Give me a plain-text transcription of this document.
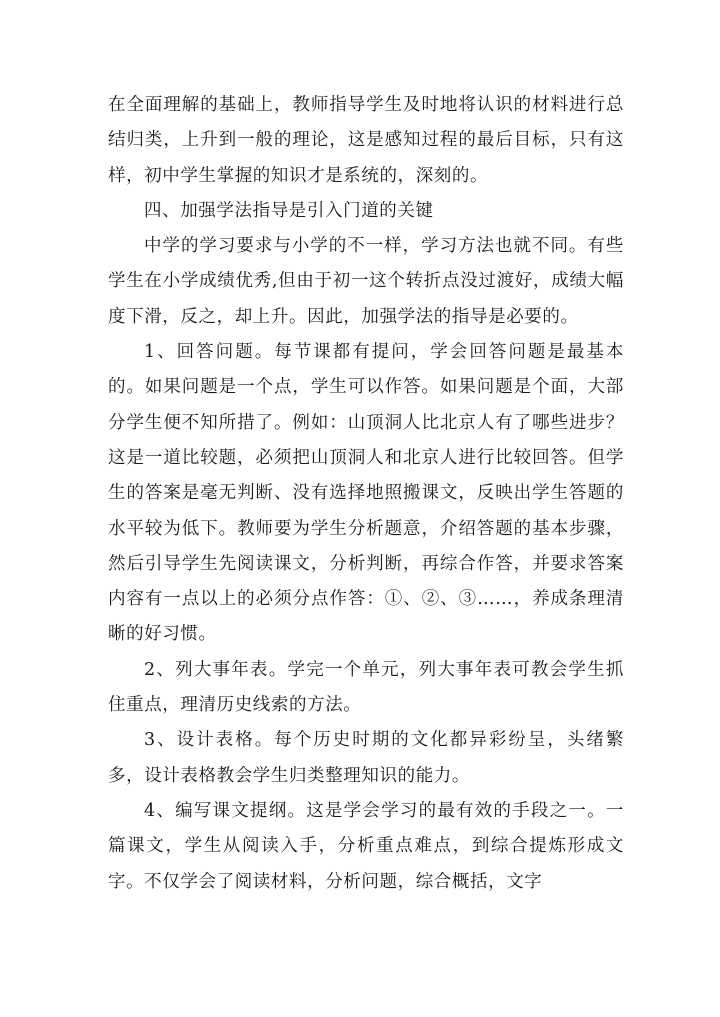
在全面理解的基础上，教师指导学生及时地将认识的材料进行总结归类，上升到一般的理论，这是感知过程的最后目标，只有这样，初中学生掌握的知识才是系统的，深刻的。

四、加强学法指导是引入门道的关键

中学的学习要求与小学的不一样，学习方法也就不同。有些学生在小学成绩优秀,但由于初一这个转折点没过渡好，成绩大幅度下滑，反之，却上升。因此，加强学法的指导是必要的。

1、回答问题。每节课都有提问，学会回答问题是最基本的。如果问题是一个点，学生可以作答。如果问题是个面，大部分学生便不知所措了。例如：山顶洞人比北京人有了哪些进步？这是一道比较题，必须把山顶洞人和北京人进行比较回答。但学生的答案是毫无判断、没有选择地照搬课文，反映出学生答题的水平较为低下。教师要为学生分析题意，介绍答题的基本步骤，然后引导学生先阅读课文，分析判断，再综合作答，并要求答案内容有一点以上的必须分点作答：①、②、③……，养成条理清晰的好习惯。

2、列大事年表。学完一个单元，列大事年表可教会学生抓住重点，理清历史线索的方法。

3、设计表格。每个历史时期的文化都异彩纷呈，头绪繁多，设计表格教会学生归类整理知识的能力。

4、编写课文提纲。这是学会学习的最有效的手段之一。一篇课文，学生从阅读入手，分析重点难点，到综合提炼形成文字。不仅学会了阅读材料，分析问题，综合概括，文字
